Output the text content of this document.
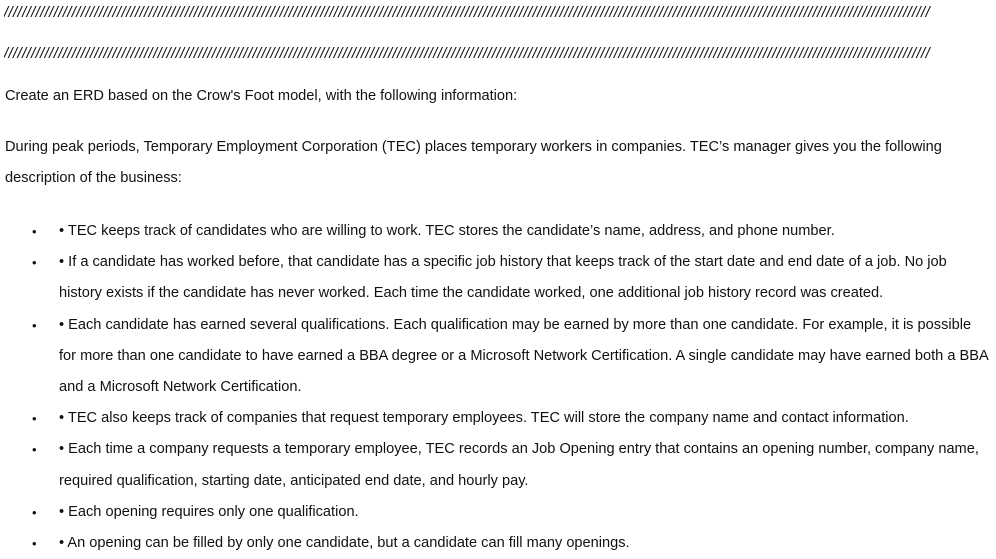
/////////////////////////////////////////////////////////////////////////////////////////////////////////////////////////////////////////////////////////////////////////////////////////////////////////////
/////////////////////////////////////////////////////////////////////////////////////////////////////////////////////////////////////////////////////////////////////////////////////////////////////////////

Create an ERD based on the Crow's Foot model, with the following information:

During peak periods, Temporary Employment Corporation (TEC) places temporary workers in companies. TEC’s manager gives you the following description of the business:

• • TEC keeps track of candidates who are willing to work. TEC stores the candidate’s name, address, and phone number.
• • If a candidate has worked before, that candidate has a specific job history that keeps track of the start date and end date of a job. No job history exists if the candidate has never worked. Each time the candidate worked, one additional job history record was created.
• • Each candidate has earned several qualifications. Each qualification may be earned by more than one candidate. For example, it is possible for more than one candidate to have earned a BBA degree or a Microsoft Network Certification. A single candidate may have earned both a BBA and a Microsoft Network Certification.
• • TEC also keeps track of companies that request temporary employees. TEC will store the company name and contact information.
• • Each time a company requests a temporary employee, TEC records an Job Opening entry that contains an opening number, company name, required qualification, starting date, anticipated end date, and hourly pay.
• • Each opening requires only one qualification.
• • An opening can be filled by only one candidate, but a candidate can fill many openings.
